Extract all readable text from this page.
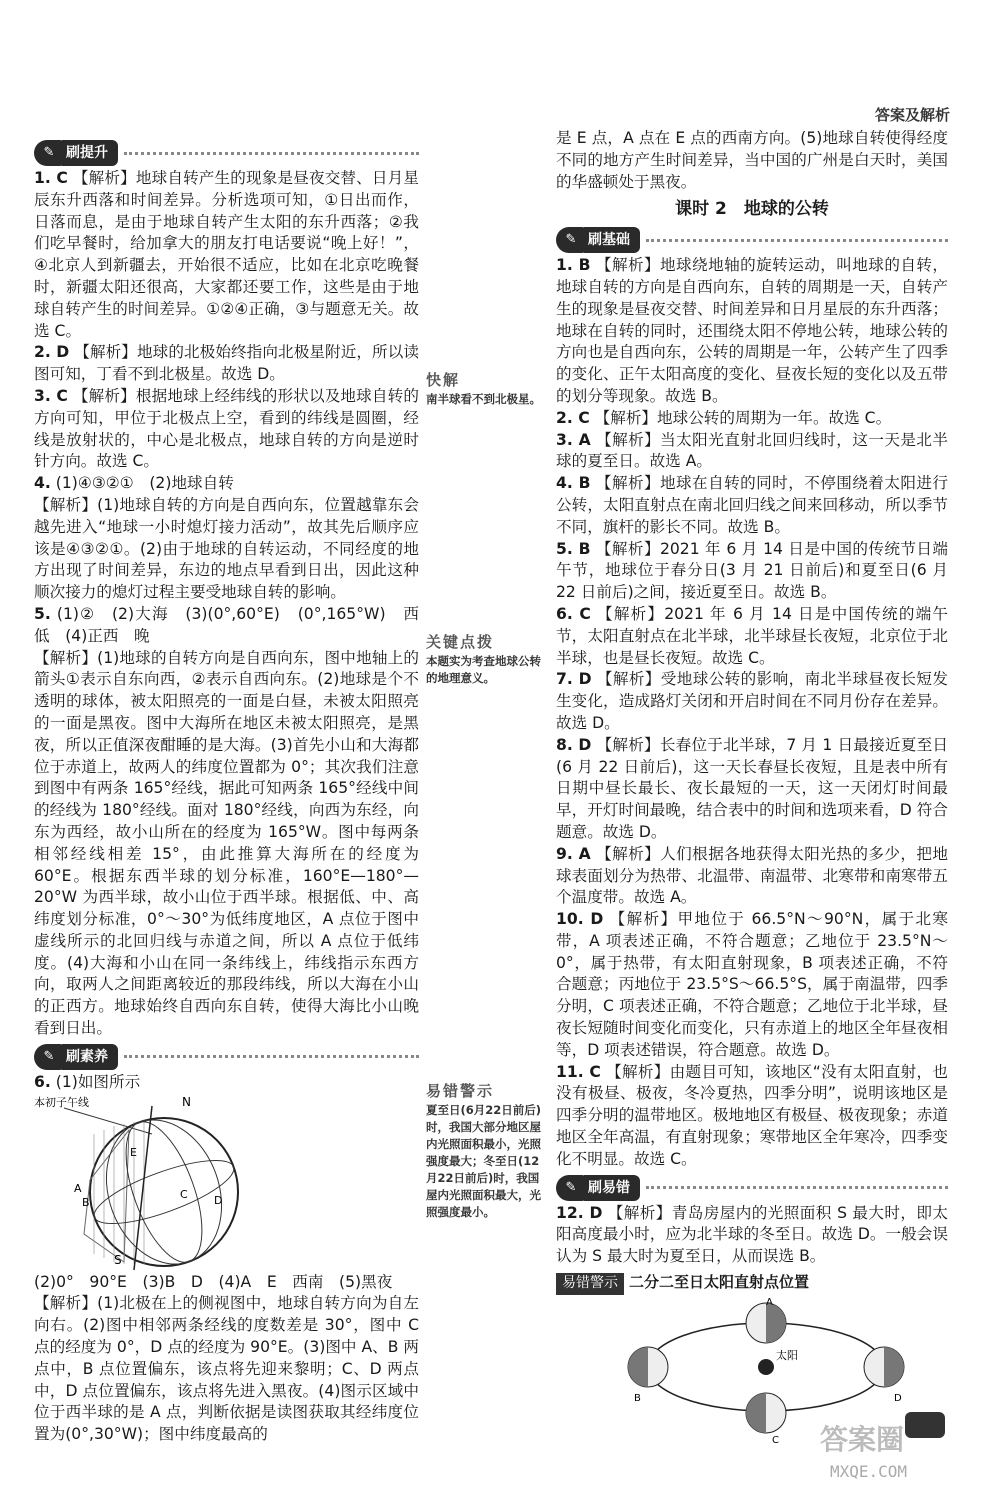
答案及解析
✎ 刷提升

1. C 【解析】地球自转产生的现象是昼夜交替、日月星辰东升西落和时间差异。分析选项可知，①日出而作，日落而息，是由于地球自转产生太阳的东升西落；②我们吃早餐时，给加拿大的朋友打电话要说“晚上好！”，④北京人到新疆去，开始很不适应，比如在北京吃晚餐时，新疆太阳还很高，大家都还要工作，这些是由于地球自转产生的时间差异。①②④正确，③与题意无关。故选 C。

2. D 【解析】地球的北极始终指向北极星附近，所以读图可知，丁看不到北极星。故选 D。

3. C 【解析】根据地球上经纬线的形状以及地球自转的方向可知，甲位于北极点上空，看到的纬线是圆圈，经线是放射状的，中心是北极点，地球自转的方向是逆时针方向。故选 C。

4. (1)④③②①　(2)地球自转

【解析】(1)地球自转的方向是自西向东，位置越靠东会越先进入“地球一小时熄灯接力活动”，故其先后顺序应该是④③②①。(2)由于地球的自转运动，不同经度的地方出现了时间差异，东边的地点早看到日出，因此这种顺次接力的熄灯过程主要受地球自转的影响。

5. (1)②　(2)大海　(3)(0°,60°E)　(0°,165°W)　西　低　(4)正西　晚

【解析】(1)地球的自转方向是自西向东，图中地轴上的箭头①表示自东向西，②表示自西向东。(2)地球是个不透明的球体，被太阳照亮的一面是白昼，未被太阳照亮的一面是黑夜。图中大海所在地区未被太阳照亮，是黑夜，所以正值深夜酣睡的是大海。(3)首先小山和大海都位于赤道上，故两人的纬度位置都为 0°；其次我们注意到图中有两条 165°经线，据此可知两条 165°经线中间的经线为 180°经线。面对 180°经线，向西为东经，向东为西经，故小山所在的经度为 165°W。图中每两条相邻经线相差 15°，由此推算大海所在的经度为 60°E。根据东西半球的划分标准，160°E—180°—20°W 为西半球，故小山位于西半球。根据低、中、高纬度划分标准，0°～30°为低纬度地区，A 点位于图中虚线所示的北回归线与赤道之间，所以 A 点位于低纬度。(4)大海和小山在同一条纬线上，纬线指示东西方向，取两人之间距离较近的那段纬线，所以大海在小山的正西方。地球始终自西向东自转，使得大海比小山晚看到日出。

✎ 刷素养

6. (1)如图所示

本初子午线	N
S
A
B
C D
E

(2)0°　90°E　(3)B　D　(4)A　E　西南　(5)黑夜

【解析】(1)北极在上的侧视图中，地球自转方向为自左向右。(2)图中相邻两条经线的度数差是 30°，图中 C 点的经度为 0°，D 点的经度为 90°E。(3)图中 A、B 两点中，B 点位置偏东，该点将先迎来黎明；C、D 两点中，D 点位置偏东，该点将先进入黑夜。(4)图示区域中位于西半球的是 A 点，判断依据是读图获取其经纬度位置为(0°,30°W)；图中纬度最高的

快解

南半球看不到北极星。

关键点拨

本题实为考查地球公转的地理意义。

易错警示

夏至日(6月22日前后)时，我国大部分地区屋内光照面积最小，光照强度最大；冬至日(12月22日前后)时，我国屋内光照面积最大，光照强度最小。

是 E 点，A 点在 E 点的西南方向。(5)地球自转使得经度不同的地方产生时间差异，当中国的广州是白天时，美国的华盛顿处于黑夜。

课时 2　地球的公转
✎ 刷基础

1. B 【解析】地球绕地轴的旋转运动，叫地球的自转，地球自转的方向是自西向东，自转的周期是一天，自转产生的现象是昼夜交替、时间差异和日月星辰的东升西落；地球在自转的同时，还围绕太阳不停地公转，地球公转的方向也是自西向东，公转的周期是一年，公转产生了四季的变化、正午太阳高度的变化、昼夜长短的变化以及五带的划分等现象。故选 B。

2. C 【解析】地球公转的周期为一年。故选 C。

3. A 【解析】当太阳光直射北回归线时，这一天是北半球的夏至日。故选 A。

4. B 【解析】地球在自转的同时，不停围绕着太阳进行公转，太阳直射点在南北回归线之间来回移动，所以季节不同，旗杆的影长不同。故选 B。

5. B 【解析】2021 年 6 月 14 日是中国的传统节日端午节，地球位于春分日(3 月 21 日前后)和夏至日(6 月 22 日前后)之间，接近夏至日。故选 B。

6. C 【解析】2021 年 6 月 14 日是中国传统的端午节，太阳直射点在北半球，北半球昼长夜短，北京位于北半球，也是昼长夜短。故选 C。

7. D 【解析】受地球公转的影响，南北半球昼夜长短发生变化，造成路灯关闭和开启时间在不同月份存在差异。故选 D。

8. D 【解析】长春位于北半球，7 月 1 日最接近夏至日(6 月 22 日前后)，这一天长春昼长夜短，且是表中所有日期中昼长最长、夜长最短的一天，这一天闭灯时间最早，开灯时间最晚，结合表中的时间和选项来看，D 符合题意。故选 D。

9. A 【解析】人们根据各地获得太阳光热的多少，把地球表面划分为热带、北温带、南温带、北寒带和南寒带五个温度带。故选 A。

10. D 【解析】甲地位于 66.5°N～90°N，属于北寒带，A 项表述正确，不符合题意；乙地位于 23.5°N～0°，属于热带，有太阳直射现象，B 项表述正确，不符合题意；丙地位于 23.5°S～66.5°S，属于南温带，四季分明，C 项表述正确，不符合题意；乙地位于北半球，昼夜长短随时间变化而变化，只有赤道上的地区全年昼夜相等，D 项表述错误，符合题意。故选 D。

11. C 【解析】由题目可知，该地区“没有太阳直射，也没有极昼、极夜，冬冷夏热，四季分明”，说明该地区是四季分明的温带地区。极地地区有极昼、极夜现象；赤道地区全年高温，有直射现象；寒带地区全年寒冷，四季变化不明显。故选 C。

✎ 刷易错

12. D 【解析】青岛房屋内的光照面积 S 最大时，即太阳高度最小时，应为北半球的冬至日。故选 D。一般会误认为 S 最大时为夏至日，从而误选 B。

易错警示 二分二至日太阳直射点位置
太阳
A
B
C
D
答案圈
MXQE.COM
